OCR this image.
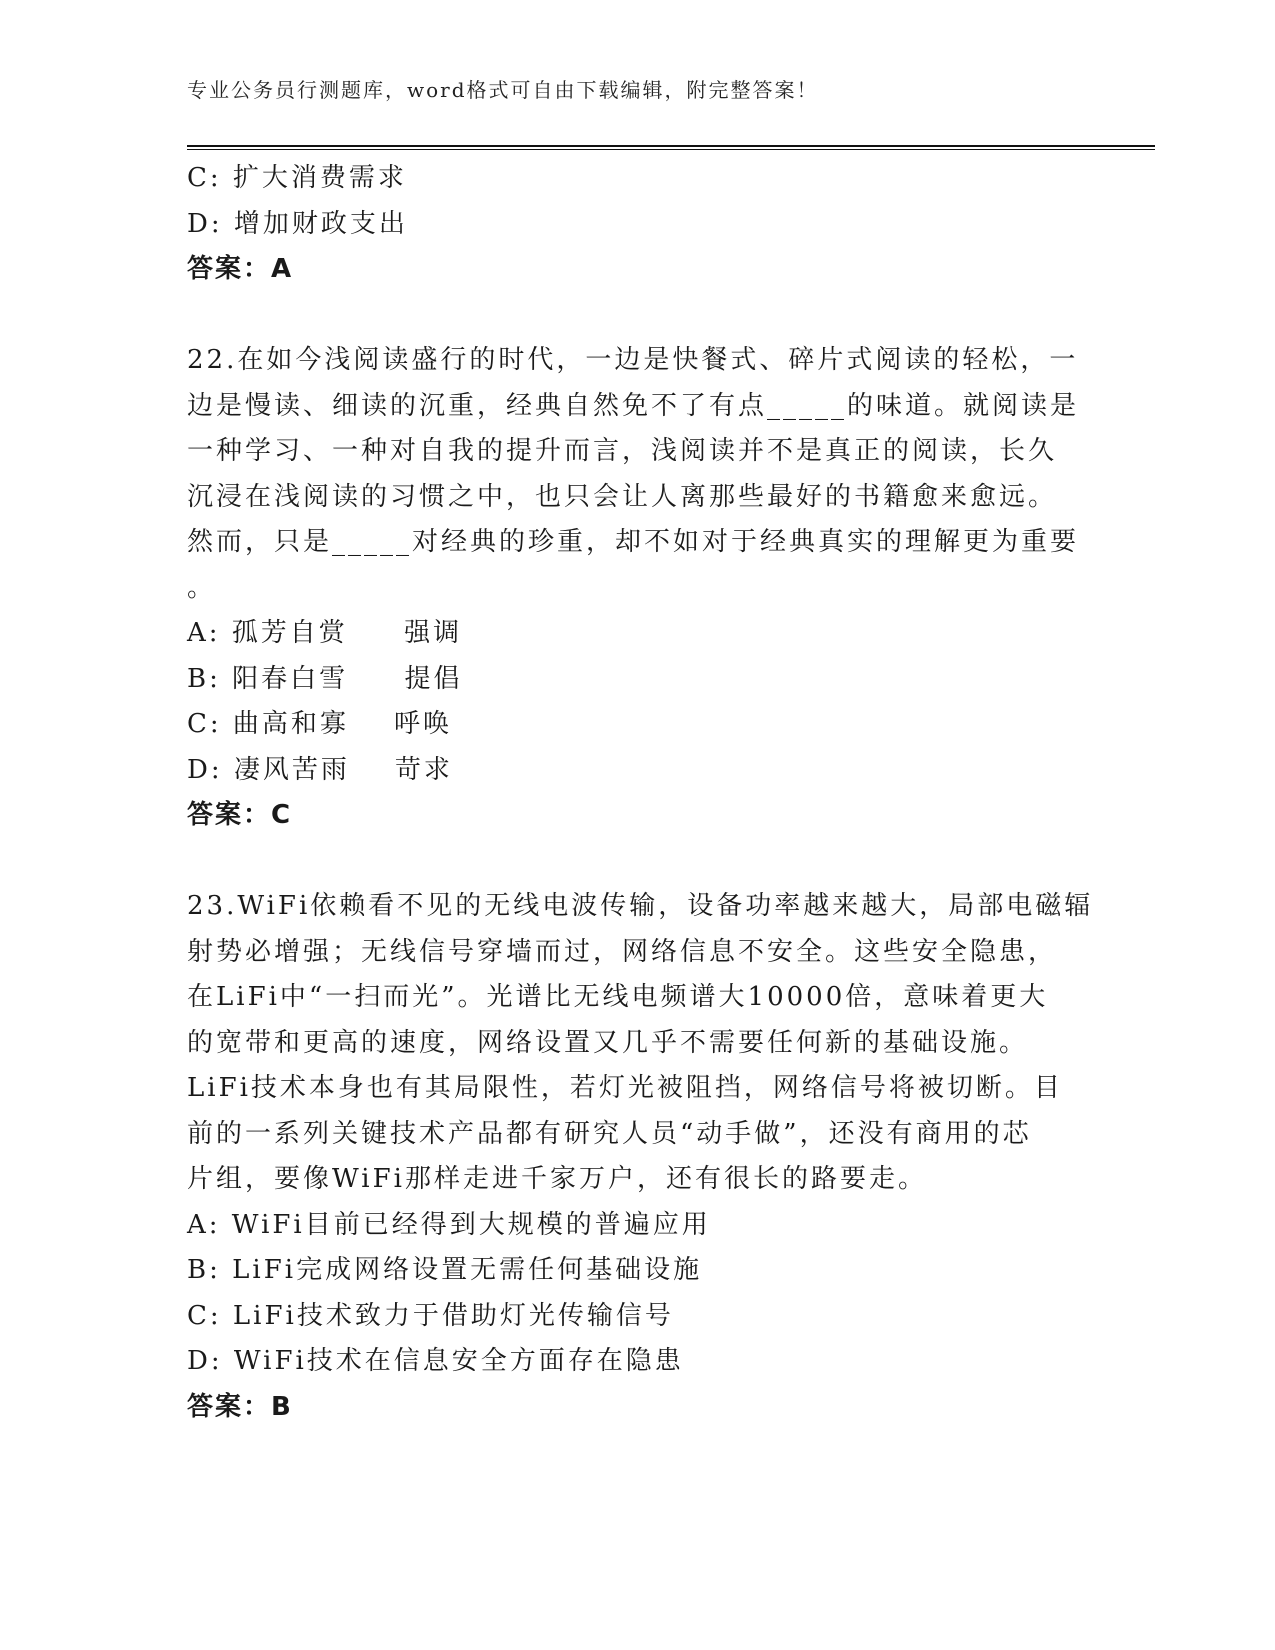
专业公务员行测题库，word格式可自由下载编辑，附完整答案！
C: 扩大消费需求
D: 增加财政支出
答案：A
22.在如今浅阅读盛行的时代，一边是快餐式、碎片式阅读的轻松，一
边是慢读、细读的沉重，经典自然免不了有点_____的味道。就阅读是
一种学习、一种对自我的提升而言，浅阅读并不是真正的阅读，长久
沉浸在浅阅读的习惯之中，也只会让人离那些最好的书籍愈来愈远。
然而，只是_____对经典的珍重，却不如对于经典真实的理解更为重要
。
A: 孤芳自赏     强调
B: 阳春白雪     提倡
C: 曲高和寡    呼唤
D: 凄风苦雨    苛求
答案：C
23.WiFi依赖看不见的无线电波传输，设备功率越来越大，局部电磁辐
射势必增强；无线信号穿墙而过，网络信息不安全。这些安全隐患，
在LiFi中“一扫而光”。光谱比无线电频谱大10000倍，意味着更大
的宽带和更高的速度，网络设置又几乎不需要任何新的基础设施。
LiFi技术本身也有其局限性，若灯光被阻挡，网络信号将被切断。目
前的一系列关键技术产品都有研究人员“动手做”，还没有商用的芯
片组，要像WiFi那样走进千家万户，还有很长的路要走。
A: WiFi目前已经得到大规模的普遍应用
B: LiFi完成网络设置无需任何基础设施
C: LiFi技术致力于借助灯光传输信号
D: WiFi技术在信息安全方面存在隐患
答案：B
